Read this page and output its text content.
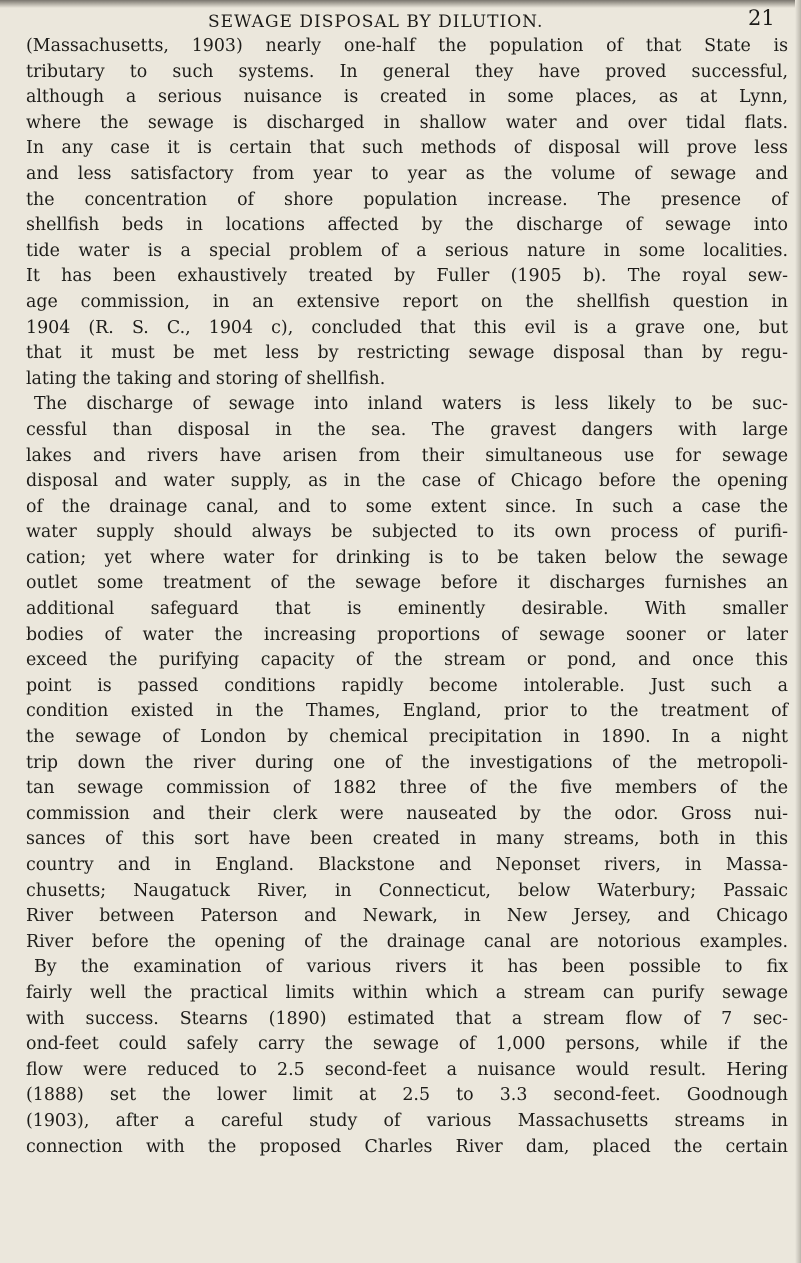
SEWAGE DISPOSAL BY DILUTION.	21
(Massachusetts, 1903) nearly one-half the population of that State is
tributary to such systems. In general they have proved successful,
although a serious nuisance is created in some places, as at Lynn,
where the sewage is discharged in shallow water and over tidal flats.
In any case it is certain that such methods of disposal will prove less
and less satisfactory from year to year as the volume of sewage and
the concentration of shore population increase. The presence of
shellfish beds in locations affected by the discharge of sewage into
tide water is a special problem of a serious nature in some localities.
It has been exhaustively treated by Fuller (1905 b). The royal sew-
age commission, in an extensive report on the shellfish question in
1904 (R. S. C., 1904 c), concluded that this evil is a grave one, but
that it must be met less by restricting sewage disposal than by regu-
lating the taking and storing of shellfish.
The discharge of sewage into inland waters is less likely to be suc-
cessful than disposal in the sea. The gravest dangers with large
lakes and rivers have arisen from their simultaneous use for sewage
disposal and water supply, as in the case of Chicago before the opening
of the drainage canal, and to some extent since. In such a case the
water supply should always be subjected to its own process of purifi-
cation; yet where water for drinking is to be taken below the sewage
outlet some treatment of the sewage before it discharges furnishes an
additional safeguard that is eminently desirable. With smaller
bodies of water the increasing proportions of sewage sooner or later
exceed the purifying capacity of the stream or pond, and once this
point is passed conditions rapidly become intolerable. Just such a
condition existed in the Thames, England, prior to the treatment of
the sewage of London by chemical precipitation in 1890. In a night
trip down the river during one of the investigations of the metropoli-
tan sewage commission of 1882 three of the five members of the
commission and their clerk were nauseated by the odor. Gross nui-
sances of this sort have been created in many streams, both in this
country and in England. Blackstone and Neponset rivers, in Massa-
chusetts; Naugatuck River, in Connecticut, below Waterbury; Passaic
River between Paterson and Newark, in New Jersey, and Chicago
River before the opening of the drainage canal are notorious examples.
By the examination of various rivers it has been possible to fix
fairly well the practical limits within which a stream can purify sewage
with success. Stearns (1890) estimated that a stream flow of 7 sec-
ond-feet could safely carry the sewage of 1,000 persons, while if the
flow were reduced to 2.5 second-feet a nuisance would result. Hering
(1888) set the lower limit at 2.5 to 3.3 second-feet. Goodnough
(1903), after a careful study of various Massachusetts streams in
connection with the proposed Charles River dam, placed the certain
